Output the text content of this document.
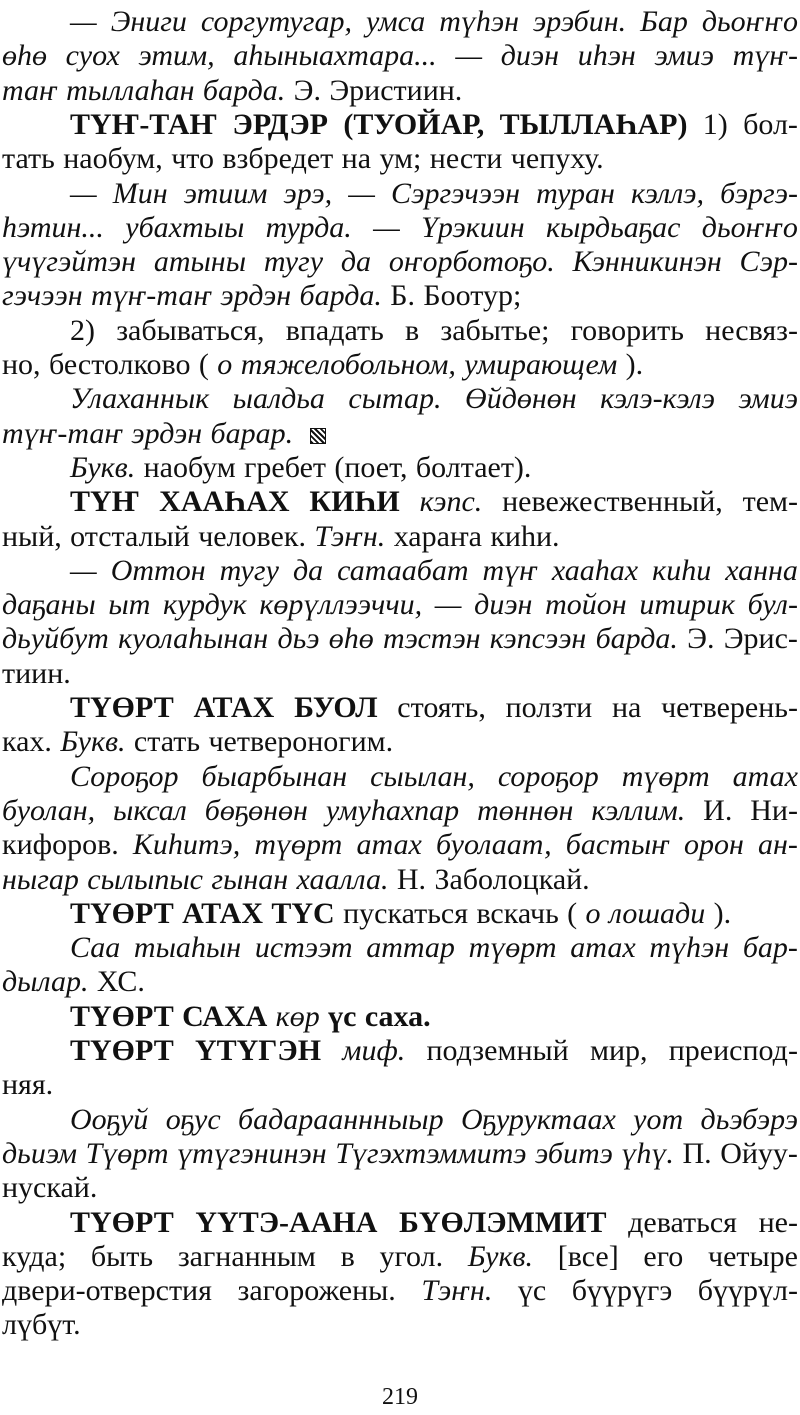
— Эниги соргутугар, умса түһэн эрэбин. Бар дьоҥҥо
өһө суох этим, аһыныахтара... — диэн иһэн эмиэ түҥ-
таҥ тыллаһан барда. Э. Эристиин.
ТҮҤ-ТАҤ ЭРДЭР (ТУОЙАР, ТЫЛЛАҺАР) 1) бол-
тать наобум, что взбредет на ум; нести чепуху.
— Мин этиим эрэ, — Сэргэчээн туран кэллэ, бэргэ-
һэтин... убахтыы турда. — Үрэкиин кырдьаҕас дьоҥҥо
үчүгэйтэн атыны тугу да оҥорботоҕо. Кэнникинэн Сэр-
гэчээн түҥ-таҥ эрдэн барда. Б. Боотур;
2) забываться, впадать в забытье; говорить несвяз-
но, бестолково ( о тяжелобольном, умирающем ).
Улаханнык ыалдьа сытар. Өйдөнөн кэлэ-кэлэ эмиэ
түҥ-таҥ эрдэн барар.
Букв. наобум гребет (поет, болтает).
ТҮҤ ХААҺАХ КИҺИ кэпс. невежественный, тем-
ный, отсталый человек. Тэҥн. хараҥа киһи.
— Оттон тугу да сатаабат түҥ хааһах киһи ханна
даҕаны ыт курдук көрүллээччи, — диэн тойон итирик бул-
дьуйбут куолаһынан дьэ өһө тэстэн кэпсээн барда. Э. Эрис-
тиин.
ТҮӨРТ АТАХ БУОЛ стоять, ползти на четверень-
ках. Букв. стать четвероногим.
Сороҕор быарбынан сыылан, сороҕор түөрт атах
буолан, ыксал бөҕөнөн умуһахпар төннөн кэллим. И. Ни-
кифоров. Киһитэ, түөрт атах буолаат, бастыҥ орон ан-
ныгар сылыпыс гынан хаалла. Н. Заболоцкай.
ТҮӨРТ АТАХ ТҮС пускаться вскачь ( о лошади ).
Саа тыаһын истээт аттар түөрт атах түһэн бар-
дылар. ХС.
ТҮӨРТ САХА көр үс саха.
ТҮӨРТ ҮТҮГЭН миф. подземный мир, преиспод-
няя.
Ооҕуй оҕус бадарааннныыр Оҕуруктаах уот дьэбэрэ
дьиэм Түөрт үтүгэнинэн Түгэхтэммитэ эбитэ үһү. П. Ойуу-
нускай.
ТҮӨРТ ҮҮТЭ-ААНА БҮӨЛЭММИТ деваться не-
куда; быть загнанным в угол. Букв. [все] его четыре
двери-отверстия загорожены. Тэҥн. үс бүүрүгэ бүүрүл-
лүбүт.
219
